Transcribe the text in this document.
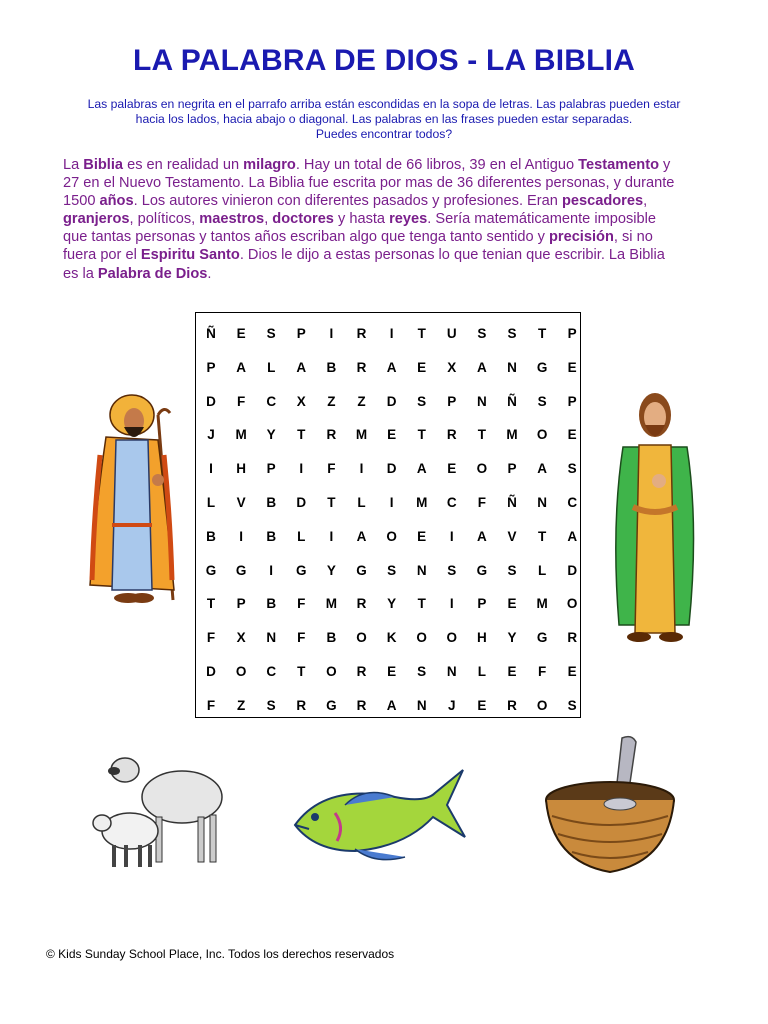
LA PALABRA DE DIOS - LA BIBLIA
Las palabras en negrita en el parrafo arriba están escondidas en la sopa de letras. Las palabras pueden estar
hacia los lados, hacia abajo o diagonal. Las palabras en las frases pueden estar separadas.
Puedes encontrar todos?
La Biblia es en realidad un milagro. Hay un total de 66 libros, 39 en el Antiguo Testamento y
27 en el Nuevo Testamento. La Biblia fue escrita por mas de 36 diferentes personas, y durante
1500 años. Los autores vinieron con diferentes pasados y profesiones. Eran pescadores,
granjeros, políticos, maestros, doctores y hasta reyes. Sería matemáticamente imposible
que tantas personas y tantos años escriban algo que tenga tanto sentido y precisión, si no
fuera por el Espiritu Santo. Dios le dijo a estas personas lo que tenian que escribir. La Biblia
es la Palabra de Dios.
Ñ	E	S	P	I	R	I	T	U	S	S	T	P
P	A	L	A	B	R	A	E	X	A	N	G	E
D	F	C	X	Z	Z	D	S	P	N	Ñ	S	P
J	M	Y	T	R	M	E	T	R	T	M	O	E
I	H	P	I	F	I	D	A	E	O	P	A	S
L	V	B	D	T	L	I	M	C	F	Ñ	N	C
B	I	B	L	I	A	O	E	I	A	V	T	A
G	G	I	G	Y	G	S	N	S	G	S	L	D
T	P	B	F	M	R	Y	T	I	P	E	M	O
F	X	N	F	B	O	K	O	O	H	Y	G	R
D	O	C	T	O	R	E	S	N	L	E	F	E
F	Z	S	R	G	R	A	N	J	E	R	O	S
© Kids Sunday School Place, Inc. Todos los derechos reservados
